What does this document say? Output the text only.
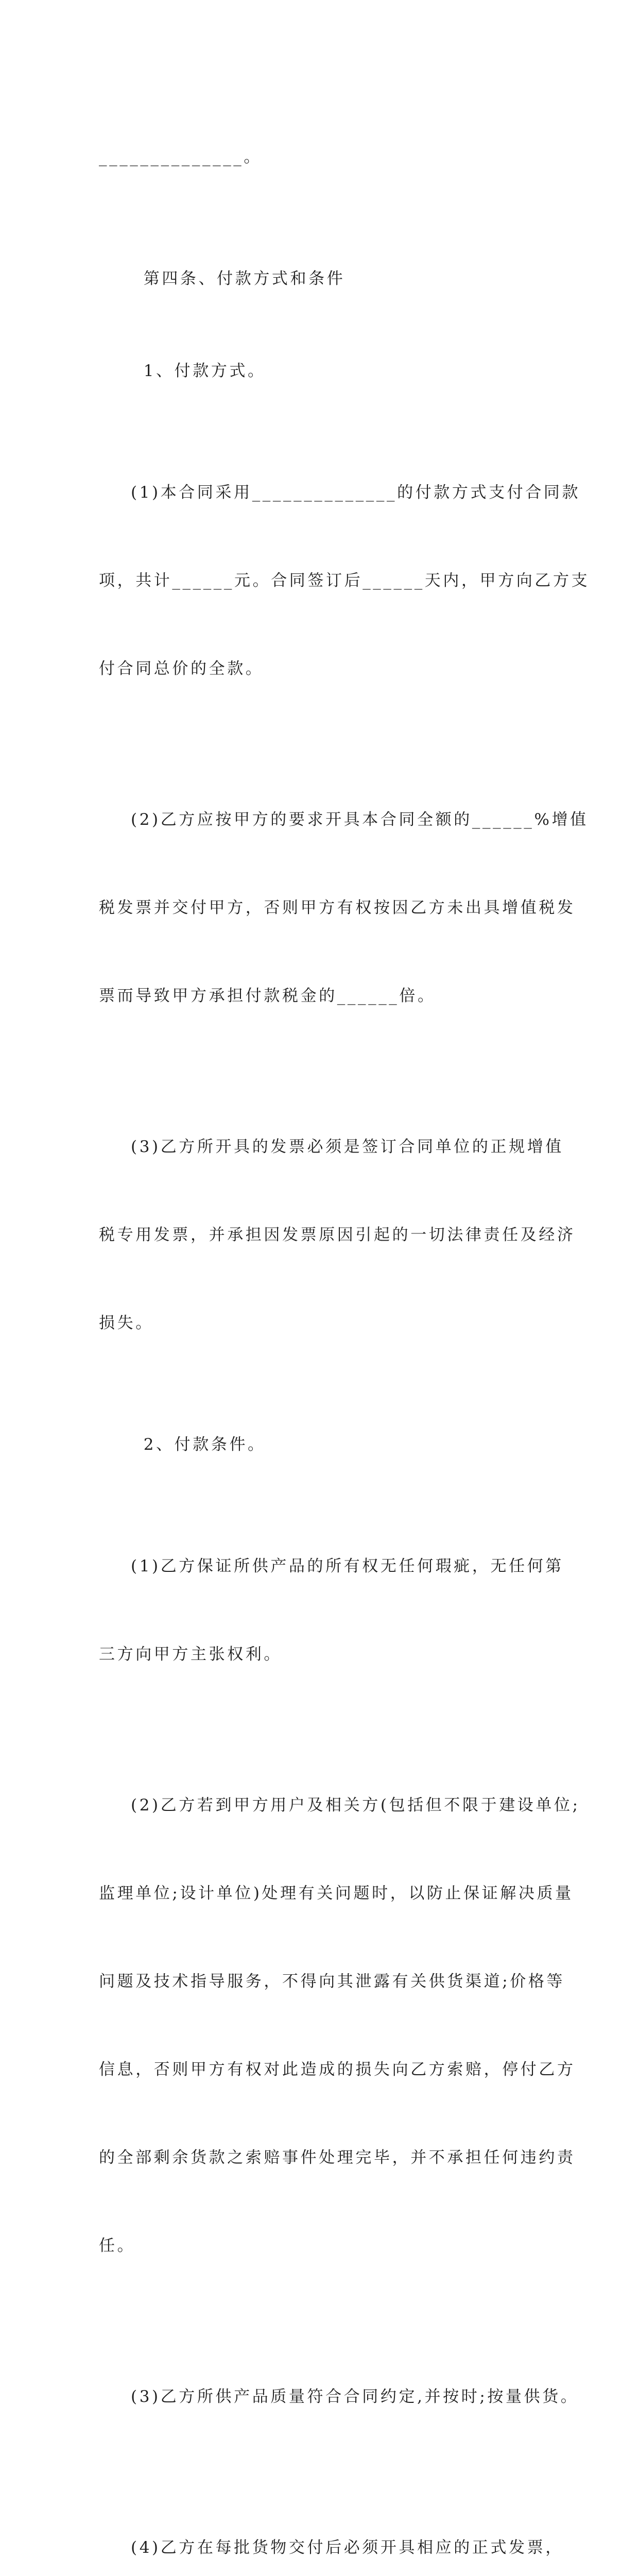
______________。

第四条、付款方式和条件

1、付款方式。

(1)本合同采用______________的付款方式支付合同款

项，共计______元。合同签订后______天内，甲方向乙方支

付合同总价的全款。

(2)乙方应按甲方的要求开具本合同全额的______%增值

税发票并交付甲方，否则甲方有权按因乙方未出具增值税发

票而导致甲方承担付款税金的______倍。

(3)乙方所开具的发票必须是签订合同单位的正规增值

税专用发票，并承担因发票原因引起的一切法律责任及经济

损失。

2、付款条件。

(1)乙方保证所供产品的所有权无任何瑕疵，无任何第

三方向甲方主张权利。

(2)乙方若到甲方用户及相关方(包括但不限于建设单位;

监理单位;设计单位)处理有关问题时，以防止保证解决质量

问题及技术指导服务，不得向其泄露有关供货渠道;价格等

信息，否则甲方有权对此造成的损失向乙方索赔，停付乙方

的全部剩余货款之索赔事件处理完毕，并不承担任何违约责

任。

(3)乙方所供产品质量符合合同约定,并按时;按量供货。

(4)乙方在每批货物交付后必须开具相应的正式发票，
